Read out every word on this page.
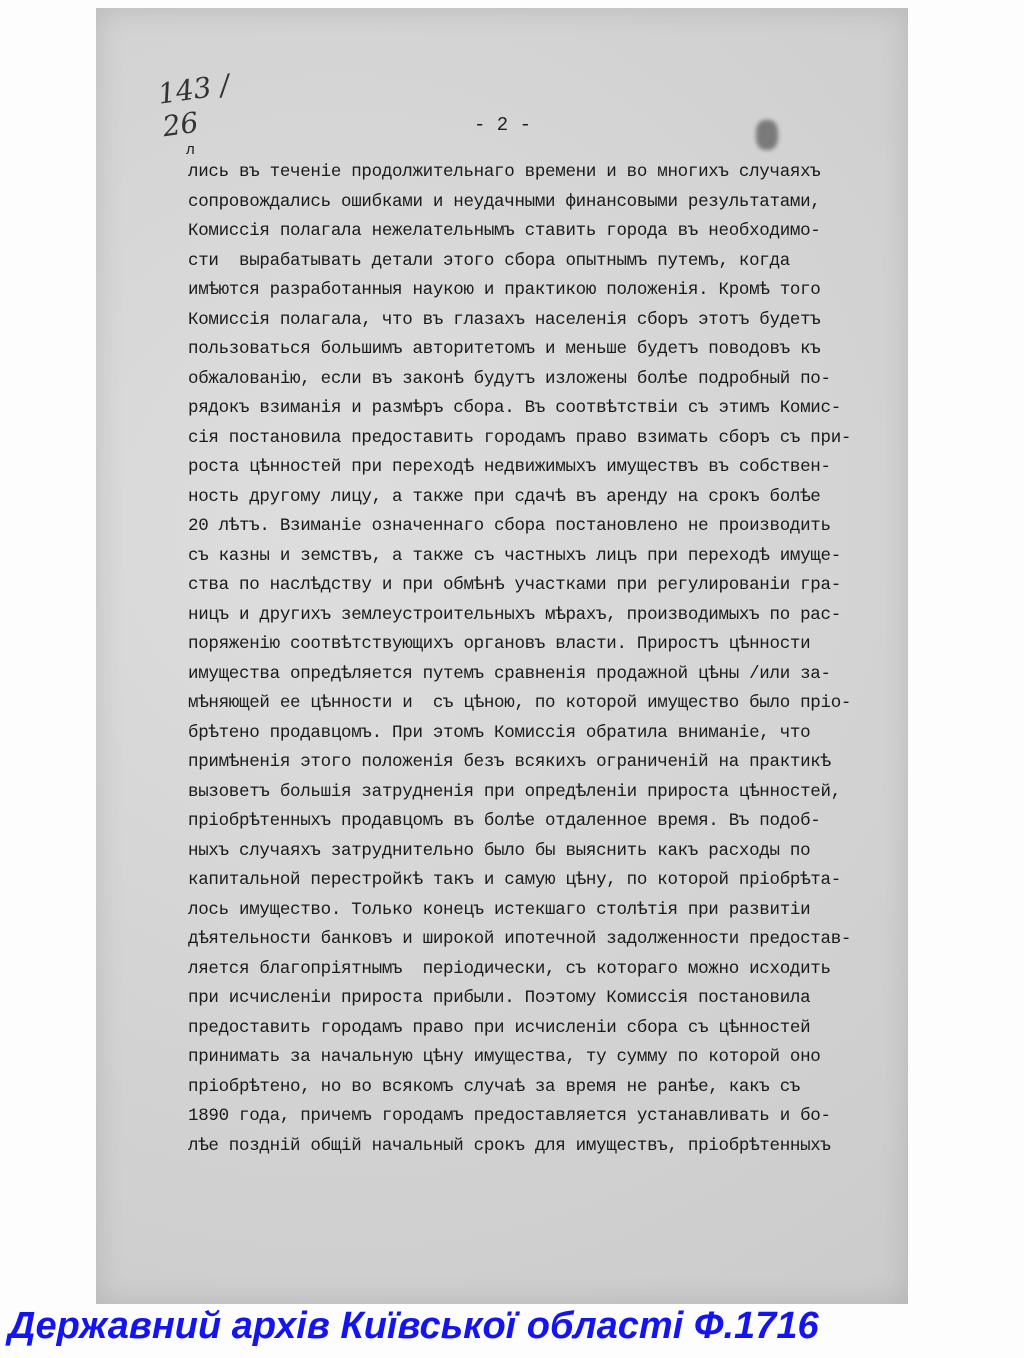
143 / 26	- 2 -
л
лись въ теченіе продолжительнаго времени и во многихъ случаяхъ
сопровождались ошибками и неудачными финансовыми результатами,
Комиссія полагала нежелательнымъ ставить города въ необходимо-
сти  вырабатывать детали этого сбора опытнымъ путемъ, когда
имѣются разработанныя наукою и практикою положенія. Кромѣ того
Комиссія полагала, что въ глазахъ населенія сборъ этотъ будетъ
пользоваться большимъ авторитетомъ и меньше будетъ поводовъ къ
обжалованію, если въ законѣ будутъ изложены болѣе подробный по-
рядокъ взиманія и размѣръ сбора. Въ соотвѣтствіи съ этимъ Комис-
сія постановила предоставить городамъ право взимать сборъ съ при-
роста цѣнностей при переходѣ недвижимыхъ имуществъ въ собствен-
ность другому лицу, а также при сдачѣ въ аренду на срокъ болѣе
20 лѣтъ. Взиманіе означеннаго сбора постановлено не производить
съ казны и земствъ, а также съ частныхъ лицъ при переходѣ имуще-
ства по наслѣдству и при обмѣнѣ участками при регулированіи гра-
ницъ и другихъ землеустроительныхъ мѣрахъ, производимыхъ по рас-
поряженію соотвѣтствующихъ органовъ власти. Приростъ цѣнности
имущества опредѣляется путемъ сравненія продажной цѣны /или за-
мѣняющей ее цѣнности и  съ цѣною, по которой имущество было пріо-
брѣтено продавцомъ. При этомъ Комиссія обратила вниманіе, что
примѣненія этого положенія безъ всякихъ ограниченій на практикѣ
вызоветъ большія затрудненія при опредѣленіи прироста цѣнностей,
пріобрѣтенныхъ продавцомъ въ болѣе отдаленное время. Въ подоб-
ныхъ случаяхъ затруднительно было бы выяснить какъ расходы по
капитальной перестройкѣ такъ и самую цѣну, по которой пріобрѣта-
лось имущество. Только конецъ истекшаго столѣтія при развитіи
дѣятельности банковъ и широкой ипотечной задолженности предостав-
ляется благопріятнымъ  періодически, съ котораго можно исходить
при исчисленіи прироста прибыли. Поэтому Комиссія постановила
предоставить городамъ право при исчисленіи сбора съ цѣнностей
принимать за начальную цѣну имущества, ту сумму по которой оно
пріобрѣтено, но во всякомъ случаѣ за время не ранѣе, какъ съ
1890 года, причемъ городамъ предоставляется устанавливать и бо-
лѣе поздній общій начальный срокъ для имуществъ, пріобрѣтенныхъ
Державний архів Київської області Ф.1716
